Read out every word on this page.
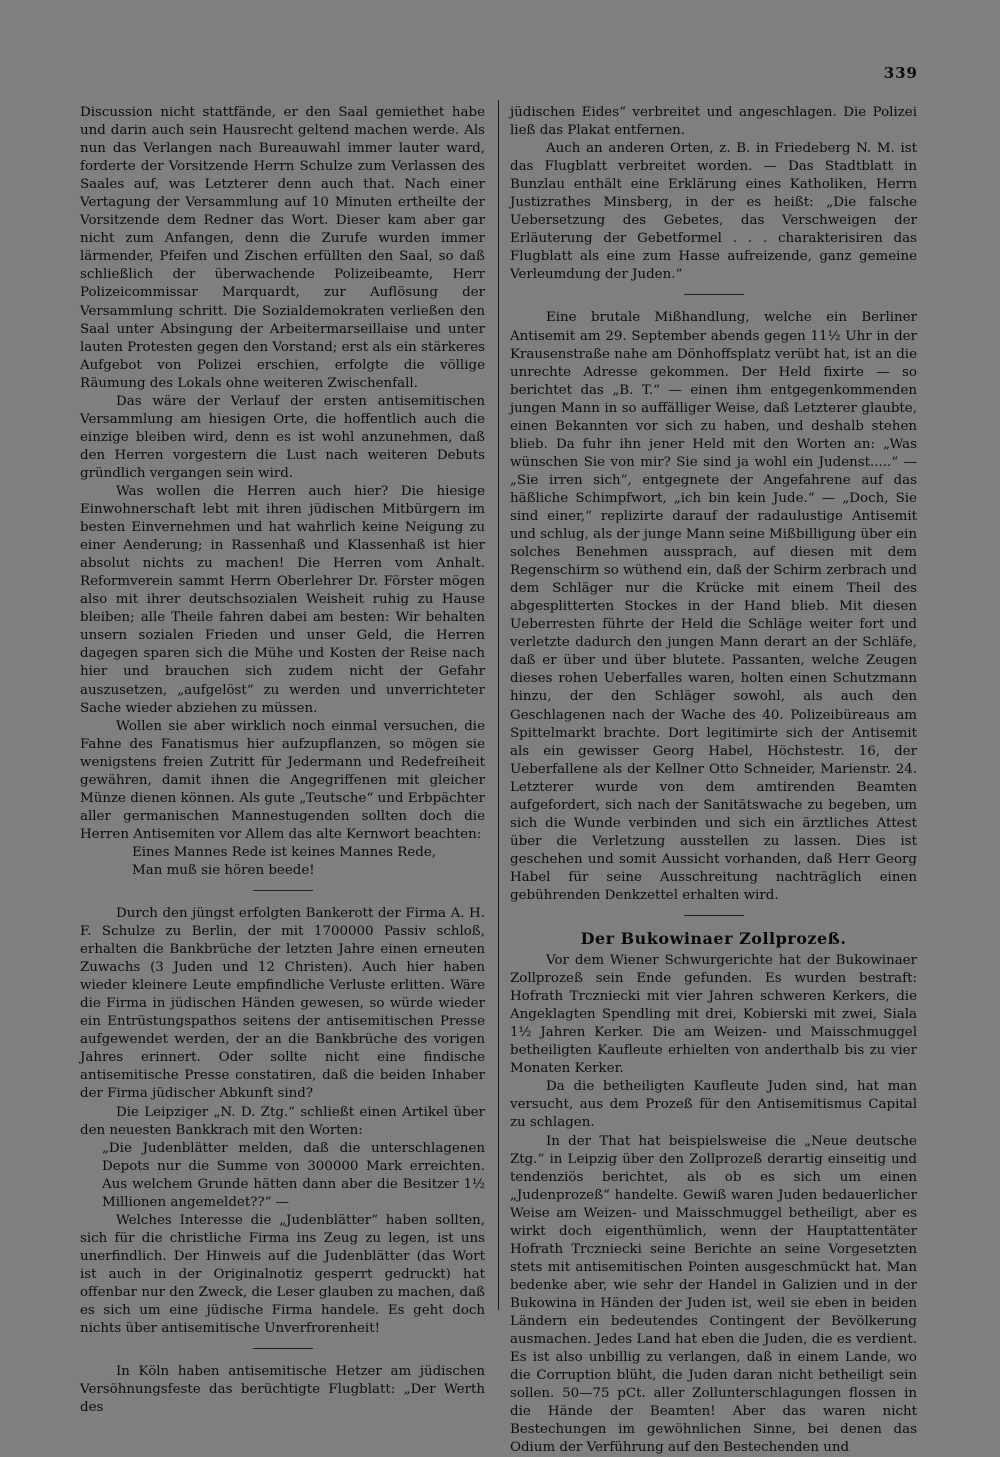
339

Discussion nicht stattfände, er den Saal gemiethet habe und darin auch sein Hausrecht geltend machen werde. Als nun das Verlangen nach Bureauwahl immer lauter ward, forderte der Vorsitzende Herrn Schulze zum Verlassen des Saales auf, was Letzterer denn auch that. Nach einer Vertagung der Versammlung auf 10 Minuten ertheilte der Vorsitzende dem Redner das Wort. Dieser kam aber gar nicht zum Anfangen, denn die Zurufe wurden immer lärmender, Pfeifen und Zischen erfüllten den Saal, so daß schließlich der überwachende Polizeibeamte, Herr Polizeicommissar Marquardt, zur Auflösung der Versammlung schritt. Die Sozialdemokraten verließen den Saal unter Absingung der Arbeitermarseillaise und unter lauten Protesten gegen den Vorstand; erst als ein stärkeres Aufgebot von Polizei erschien, erfolgte die völlige Räumung des Lokals ohne weiteren Zwischenfall.

Das wäre der Verlauf der ersten antisemitischen Versammlung am hiesigen Orte, die hoffentlich auch die einzige bleiben wird, denn es ist wohl anzunehmen, daß den Herren vorgestern die Lust nach weiteren Debuts gründlich vergangen sein wird.

Was wollen die Herren auch hier? Die hiesige Einwohnerschaft lebt mit ihren jüdischen Mitbürgern im besten Einvernehmen und hat wahrlich keine Neigung zu einer Aenderung; in Rassenhaß und Klassenhaß ist hier absolut nichts zu machen! Die Herren vom Anhalt. Reformverein sammt Herrn Oberlehrer Dr. Förster mögen also mit ihrer deutschsozialen Weisheit ruhig zu Hause bleiben; alle Theile fahren dabei am besten: Wir behalten unsern sozialen Frieden und unser Geld, die Herren dagegen sparen sich die Mühe und Kosten der Reise nach hier und brauchen sich zudem nicht der Gefahr auszusetzen, „aufgelöst“ zu werden und unverrichteter Sache wieder abziehen zu müssen.

Wollen sie aber wirklich noch einmal versuchen, die Fahne des Fanatismus hier aufzupflanzen, so mögen sie wenigstens freien Zutritt für Jedermann und Redefreiheit gewähren, damit ihnen die Angegriffenen mit gleicher Münze dienen können. Als gute „Teutsche“ und Erbpächter aller germanischen Mannestugenden sollten doch die Herren Antisemiten vor Allem das alte Kernwort beachten:

Eines Mannes Rede ist keines Mannes Rede,

Man muß sie hören beede!

Durch den jüngst erfolgten Bankerott der Firma A. H. F. Schulze zu Berlin, der mit 1700000 Passiv schloß, erhalten die Bankbrüche der letzten Jahre einen erneuten Zuwachs (3 Juden und 12 Christen). Auch hier haben wieder kleinere Leute empfindliche Verluste erlitten. Wäre die Firma in jüdischen Händen gewesen, so würde wieder ein Entrüstungspathos seitens der antisemitischen Presse aufgewendet werden, der an die Bankbrüche des vorigen Jahres erinnert. Oder sollte nicht eine findische antisemitische Presse constatiren, daß die beiden Inhaber der Firma jüdischer Abkunft sind?

Die Leipziger „N. D. Ztg.“ schließt einen Artikel über den neuesten Bankkrach mit den Worten:

„Die Judenblätter melden, daß die unterschlagenen Depots nur die Summe von 300000 Mark erreichten. Aus welchem Grunde hätten dann aber die Besitzer 1½ Millionen angemeldet??“ —

Welches Interesse die „Judenblätter“ haben sollten, sich für die christliche Firma ins Zeug zu legen, ist uns unerfindlich. Der Hinweis auf die Judenblätter (das Wort ist auch in der Originalnotiz gesperrt gedruckt) hat offenbar nur den Zweck, die Leser glauben zu machen, daß es sich um eine jüdische Firma handele. Es geht doch nichts über antisemitische Unverfrorenheit!

In Köln haben antisemitische Hetzer am jüdischen Versöhnungsfeste das berüchtigte Flugblatt: „Der Werth des

jüdischen Eides“ verbreitet und angeschlagen. Die Polizei ließ das Plakat entfernen.

Auch an anderen Orten, z. B. in Friedeberg N. M. ist das Flugblatt verbreitet worden. — Das Stadtblatt in Bunzlau enthält eine Erklärung eines Katholiken, Herrn Justizrathes Minsberg, in der es heißt: „Die falsche Uebersetzung des Gebetes, das Verschweigen der Erläuterung der Gebetformel . . . charakterisiren das Flugblatt als eine zum Hasse aufreizende, ganz gemeine Verleumdung der Juden.“

Eine brutale Mißhandlung, welche ein Berliner Antisemit am 29. September abends gegen 11½ Uhr in der Krausenstraße nahe am Dönhoffsplatz verübt hat, ist an die unrechte Adresse gekommen. Der Held fixirte — so berichtet das „B. T.“ — einen ihm entgegenkommenden jungen Mann in so auffälliger Weise, daß Letzterer glaubte, einen Bekannten vor sich zu haben, und deshalb stehen blieb. Da fuhr ihn jener Held mit den Worten an: „Was wünschen Sie von mir? Sie sind ja wohl ein Judenst.....“ — „Sie irren sich“, entgegnete der Angefahrene auf das häßliche Schimpfwort, „ich bin kein Jude.“ — „Doch, Sie sind einer,“ replizirte darauf der radaulustige Antisemit und schlug, als der junge Mann seine Mißbilligung über ein solches Benehmen aussprach, auf diesen mit dem Regenschirm so wüthend ein, daß der Schirm zerbrach und dem Schläger nur die Krücke mit einem Theil des abgesplitterten Stockes in der Hand blieb. Mit diesen Ueberresten führte der Held die Schläge weiter fort und verletzte dadurch den jungen Mann derart an der Schläfe, daß er über und über blutete. Passanten, welche Zeugen dieses rohen Ueberfalles waren, holten einen Schutzmann hinzu, der den Schläger sowohl, als auch den Geschlagenen nach der Wache des 40. Polizeibüreaus am Spittelmarkt brachte. Dort legitimirte sich der Antisemit als ein gewisser Georg Habel, Höchstestr. 16, der Ueberfallene als der Kellner Otto Schneider, Marienstr. 24. Letzterer wurde von dem amtirenden Beamten aufgefordert, sich nach der Sanitätswache zu begeben, um sich die Wunde verbinden und sich ein ärztliches Attest über die Verletzung ausstellen zu lassen. Dies ist geschehen und somit Aussicht vorhanden, daß Herr Georg Habel für seine Ausschreitung nachträglich einen gebührenden Denkzettel erhalten wird.

Der Bukowinaer Zollprozeß.

Vor dem Wiener Schwurgerichte hat der Bukowinaer Zollprozeß sein Ende gefunden. Es wurden bestraft: Hofrath Trczniecki mit vier Jahren schweren Kerkers, die Angeklagten Spendling mit drei, Kobierski mit zwei, Siala 1½ Jahren Kerker. Die am Weizen- und Maisschmuggel betheiligten Kaufleute erhielten von anderthalb bis zu vier Monaten Kerker.

Da die betheiligten Kaufleute Juden sind, hat man versucht, aus dem Prozeß für den Antisemitismus Capital zu schlagen.

In der That hat beispielsweise die „Neue deutsche Ztg.“ in Leipzig über den Zollprozeß derartig einseitig und tendenziös berichtet, als ob es sich um einen „Judenprozeß“ handelte. Gewiß waren Juden bedauerlicher Weise am Weizen- und Maisschmuggel betheiligt, aber es wirkt doch eigenthümlich, wenn der Hauptattentäter Hofrath Trczniecki seine Berichte an seine Vorgesetzten stets mit antisemitischen Pointen ausgeschmückt hat. Man bedenke aber, wie sehr der Handel in Galizien und in der Bukowina in Händen der Juden ist, weil sie eben in beiden Ländern ein bedeutendes Contingent der Bevölkerung ausmachen. Jedes Land hat eben die Juden, die es verdient. Es ist also unbillig zu verlangen, daß in einem Lande, wo die Corruption blüht, die Juden daran nicht betheiligt sein sollen. 50—75 pCt. aller Zollunterschlagungen flossen in die Hände der Beamten! Aber das waren nicht Bestechungen im gewöhnlichen Sinne, bei denen das Odium der Verführung auf den Bestechenden und
